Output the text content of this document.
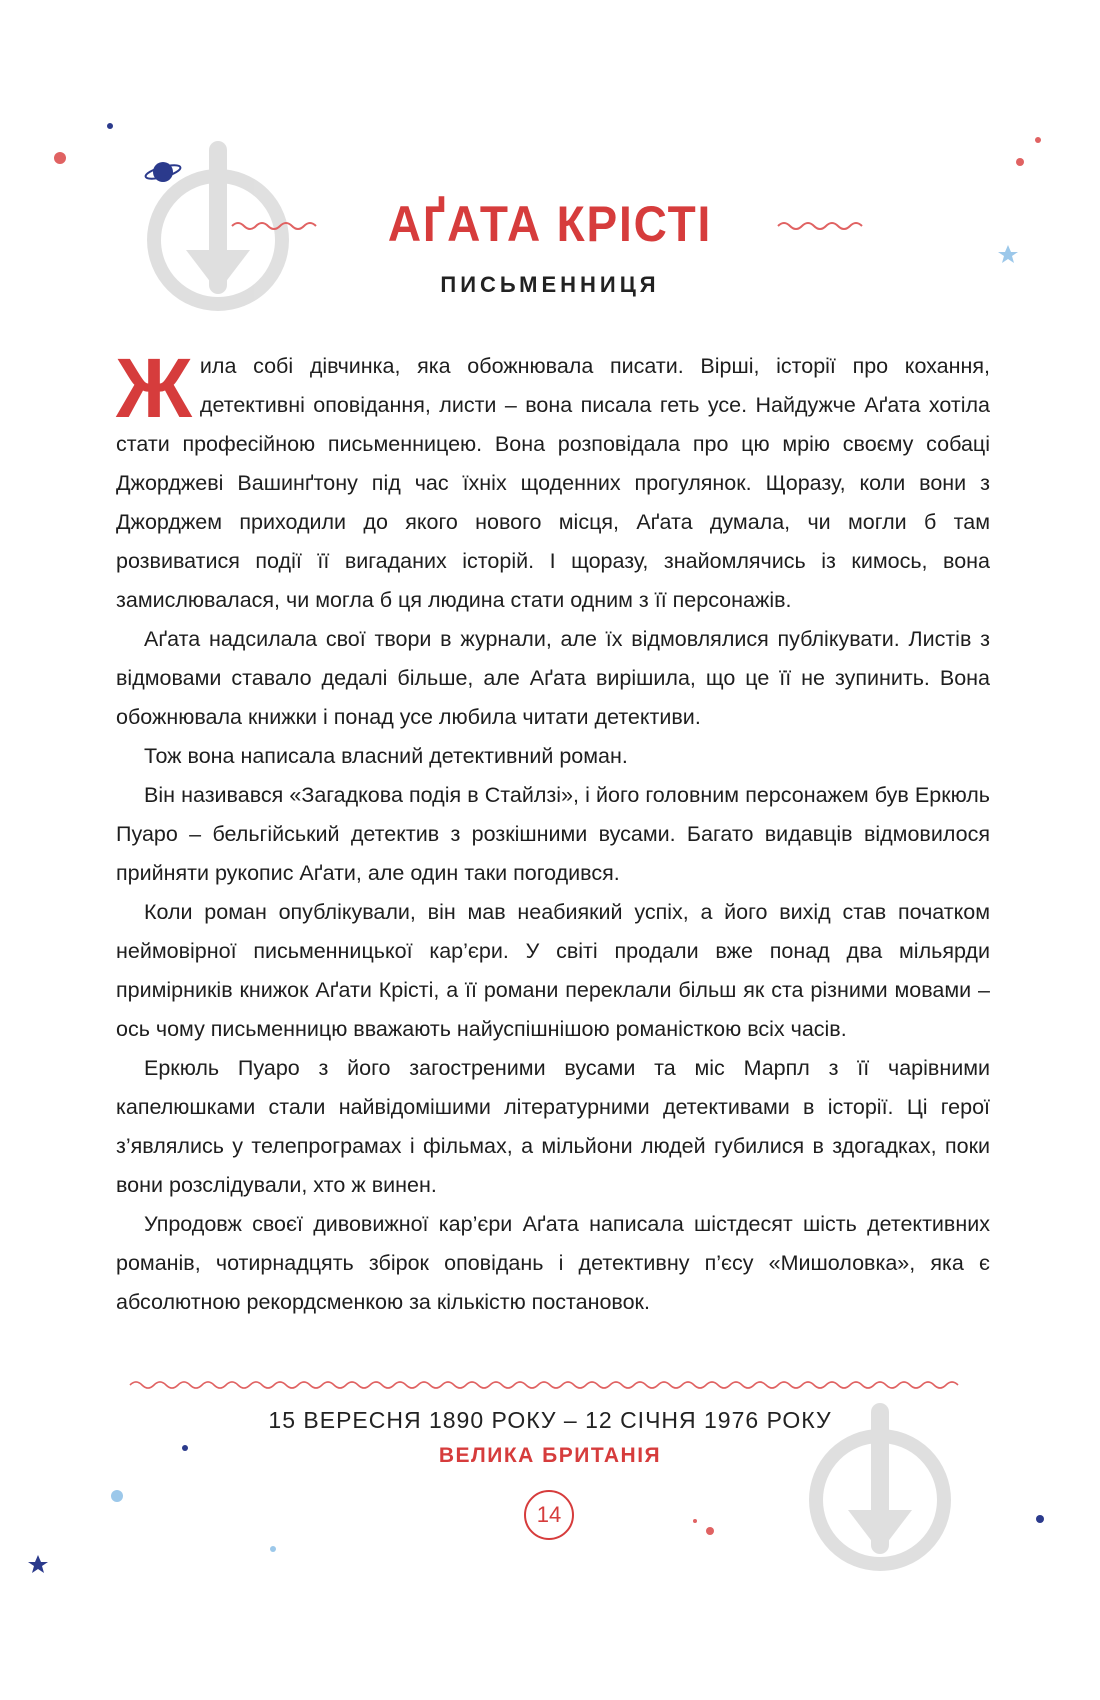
АҐАТА КРІСТІ
ПИСЬМЕННИЦЯ

Жила собі дівчинка, яка обожнювала писати. Вірші, історії про кохання, детективні оповідання, листи – вона писала геть усе. Найдужче Аґата хотіла стати професійною письменницею. Вона розповідала про цю мрію своєму собаці Джорджеві Вашинґтону під час їхніх щоденних прогулянок. Щоразу, коли вони з Джорджем приходили до якого нового місця, Аґата думала, чи могли б там розвиватися події її вигаданих історій. І щоразу, знайомлячись із кимось, вона замислювалася, чи могла б ця людина стати одним з її персонажів.

Аґата надсилала свої твори в журнали, але їх відмовлялися публікувати. Листів з відмовами ставало дедалі більше, але Аґата вирішила, що це її не зупинить. Вона обожнювала книжки і понад усе любила читати детективи.

Тож вона написала власний детективний роман.

Він називався «Загадкова подія в Стайлзі», і його головним персонажем був Еркюль Пуаро – бельгійський детектив з розкішними вусами. Багато видавців відмовилося прийняти рукопис Аґати, але один таки погодився.

Коли роман опублікували, він мав неабиякий успіх, а його вихід став початком неймовірної письменницької кар’єри. У світі продали вже понад два мільярди примірників книжок Аґати Крісті, а її романи переклали більш як ста різними мовами – ось чому письменницю вважають найуспішнішою романісткою всіх часів.

Еркюль Пуаро з його загостреними вусами та міс Марпл з її чарівними капелюшками стали найвідомішими літературними детективами в історії. Ці герої з’являлись у телепрограмах і фільмах, а мільйони людей губилися в здогадках, поки вони розслідували, хто ж винен.

Упродовж своєї дивовижної кар’єри Аґата написала шістдесят шість детективних романів, чотирнадцять збірок оповідань і детективну п’єсу «Мишоловка», яка є абсолютною рекордсменкою за кількістю постановок.

15 ВЕРЕСНЯ 1890 РОКУ – 12 СІЧНЯ 1976 РОКУ
ВЕЛИКА БРИТАНІЯ
14
